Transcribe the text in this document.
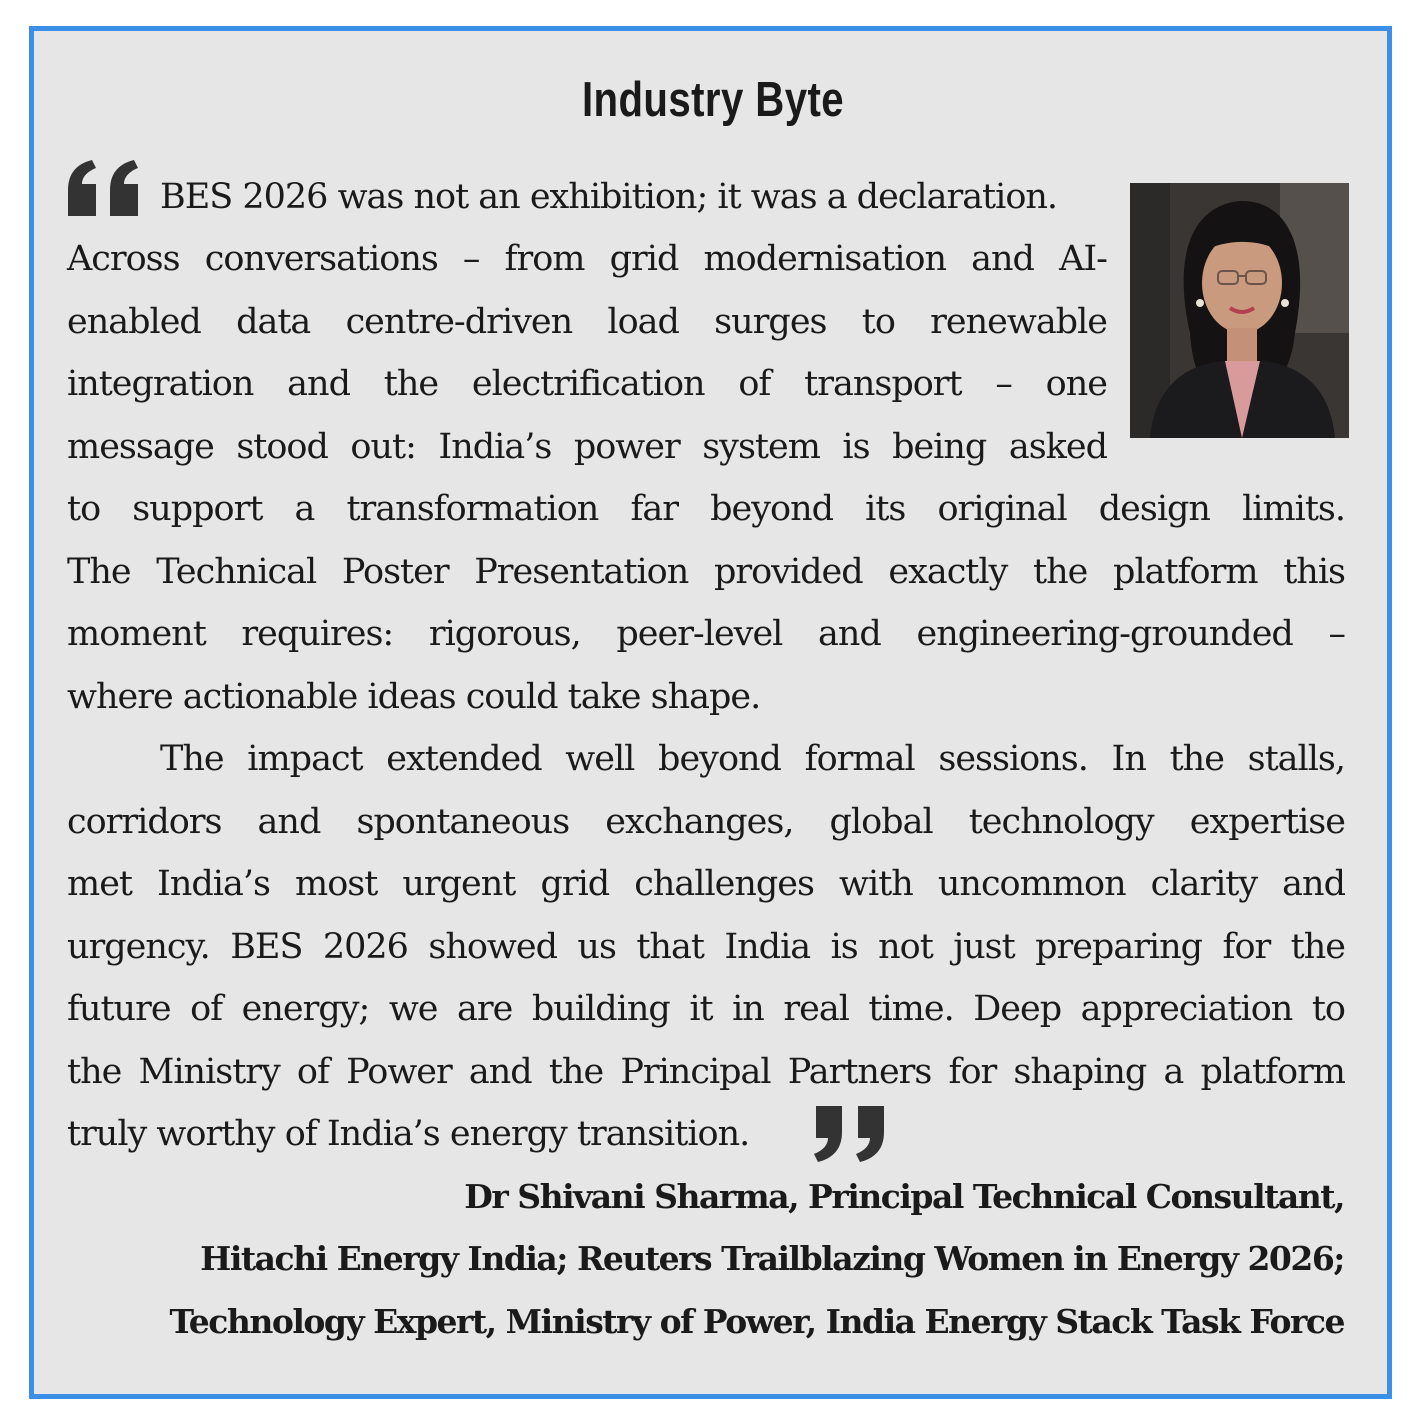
Industry Byte
BES 2026 was not an exhibition; it was a declaration.
Across conversations – from grid modernisation and AI-
enabled data centre-driven load surges to renewable
integration and the electrification of transport – one
message stood out: India’s power system is being asked
to support a transformation far beyond its original design limits.
The Technical Poster Presentation provided exactly the platform this
moment requires: rigorous, peer-level and engineering-grounded –
where actionable ideas could take shape.
The impact extended well beyond formal sessions. In the stalls,
corridors and spontaneous exchanges, global technology expertise
met India’s most urgent grid challenges with uncommon clarity and
urgency. BES 2026 showed us that India is not just preparing for the
future of energy; we are building it in real time. Deep appreciation to
the Ministry of Power and the Principal Partners for shaping a platform
truly worthy of India’s energy transition.
Dr Shivani Sharma, Principal Technical Consultant,
Hitachi Energy India; Reuters Trailblazing Women in Energy 2026;
Technology Expert, Ministry of Power, India Energy Stack Task Force
